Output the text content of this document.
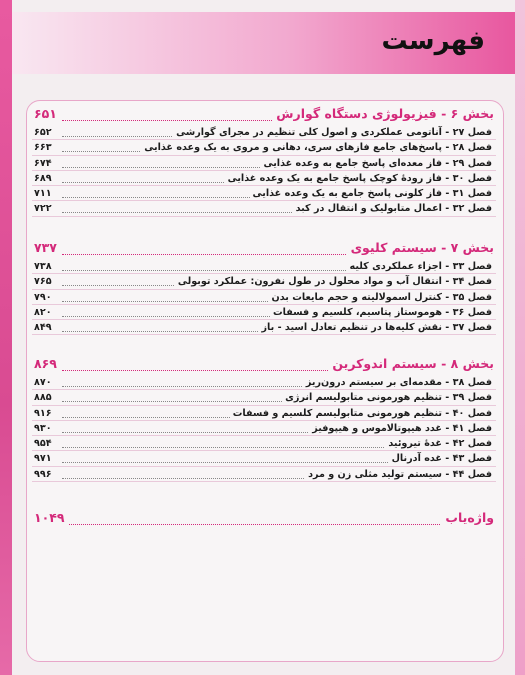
فهرست
بخش ۶ - فیزیولوژی دستگاه گوارش
۶۵۱
فصل ۲۷ - آناتومی عملکردی و اصول کلی تنظیم در مجرای گوارشی
۶۵۲
فصل ۲۸ - پاسخ‌های جامع فازهای سری، دهانی و مروی به یک وعده غذایی
۶۶۳
فصل ۲۹ - فاز معده‌ای پاسخ جامع به وعده غذایی
۶۷۴
فصل ۳۰ - فاز رودهٔ کوچک پاسخ جامع به یک وعده غذایی
۶۸۹
فصل ۳۱ - فاز کلونی پاسخ جامع به یک وعده غذایی
۷۱۱
فصل ۳۲ - اعمال متابولیک و انتقال در کبد
۷۲۲
بخش ۷ - سیستم کلیوی
۷۳۷
فصل ۳۳ - اجزاء عملکردی کلیه
۷۳۸
فصل ۳۴ - انتقال آب و مواد محلول در طول نفرون: عملکرد توبولی
۷۶۵
فصل ۳۵ - کنترل اسمولالیته و حجم مایعات بدن
۷۹۰
فصل ۳۶ - هوموستاز پتاسیم، کلسیم و فسفات
۸۲۰
فصل ۳۷ - نقش کلیه‌ها در تنظیم تعادل اسید - باز
۸۴۹
بخش ۸ - سیستم اندوکرین
۸۶۹
فصل ۳۸ - مقدمه‌ای بر سیستم درون‌ریز
۸۷۰
فصل ۳۹ - تنظیم هورمونی متابولیسم انرژی
۸۸۵
فصل ۴۰ - تنظیم هورمونی متابولیسم کلسیم و فسفات
۹۱۶
فصل ۴۱ - غدد هیپوتالاموس و هیپوفیز
۹۳۰
فصل ۴۲ - غدۀ تیروئید
۹۵۴
فصل ۴۳ - غده آدرنال
۹۷۱
فصل ۴۴ - سیستم تولید مثلی زن و مرد
۹۹۶
واژه‌یاب
۱۰۴۹
